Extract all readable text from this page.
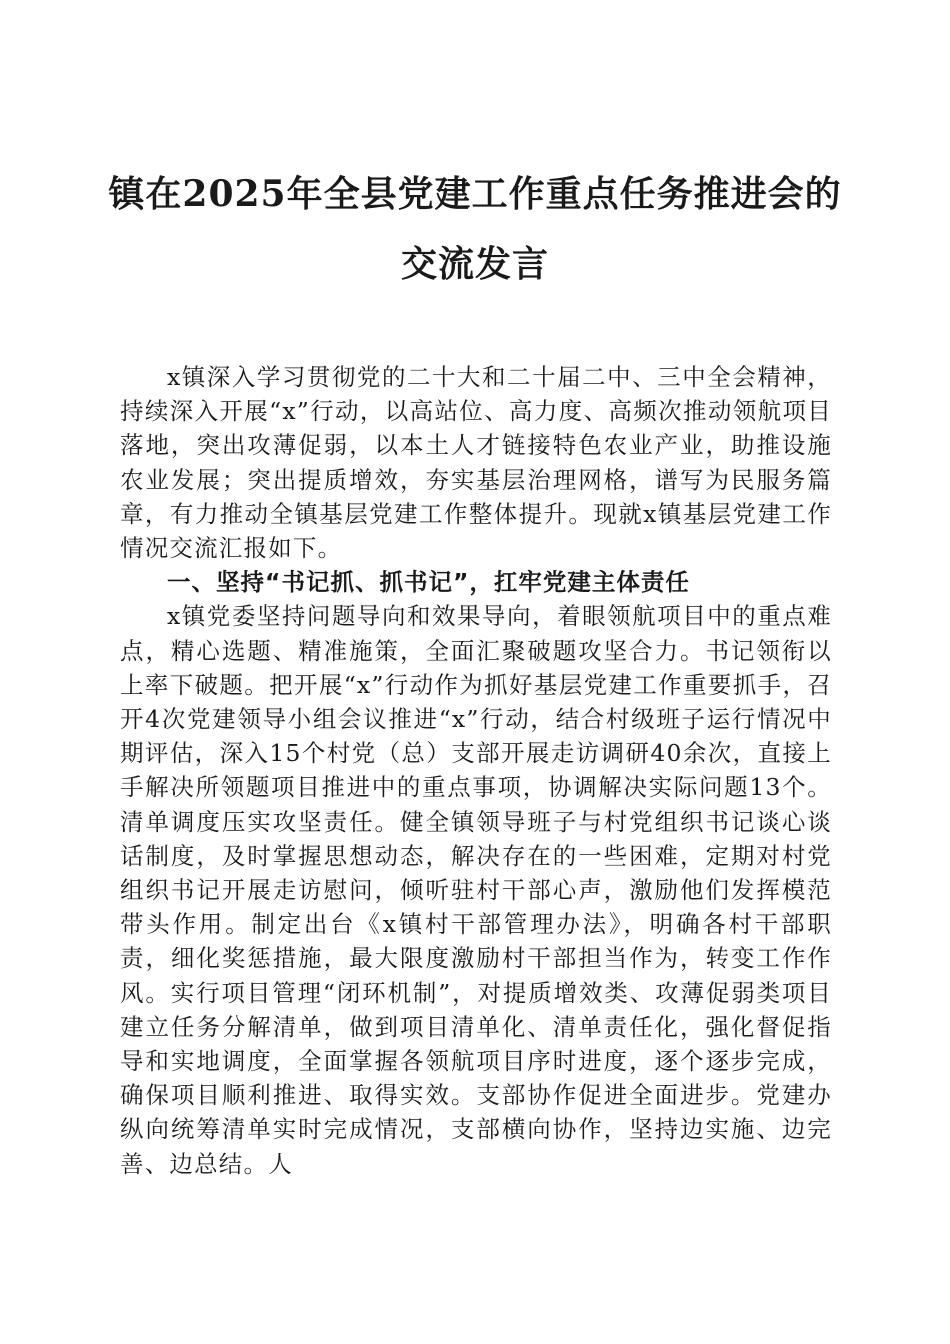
镇在2025年全县党建工作重点任务推进会的
交流发言

x镇深入学习贯彻党的二十大和二十届二中、三中全会精神，持续深入开展“x”行动，以高站位、高力度、高频次推动领航项目落地，突出攻薄促弱，以本土人才链接特色农业产业，助推设施农业发展；突出提质增效，夯实基层治理网格，谱写为民服务篇章，有力推动全镇基层党建工作整体提升。现就x镇基层党建工作情况交流汇报如下。

一、坚持“书记抓、抓书记”，扛牢党建主体责任

x镇党委坚持问题导向和效果导向，着眼领航项目中的重点难点，精心选题、精准施策，全面汇聚破题攻坚合力。书记领衔以上率下破题。把开展“x”行动作为抓好基层党建工作重要抓手，召开4次党建领导小组会议推进“x”行动，结合村级班子运行情况中期评估，深入15个村党（总）支部开展走访调研40余次，直接上手解决所领题项目推进中的重点事项，协调解决实际问题13个。清单调度压实攻坚责任。健全镇领导班子与村党组织书记谈心谈话制度，及时掌握思想动态，解决存在的一些困难，定期对村党组织书记开展走访慰问，倾听驻村干部心声，激励他们发挥模范带头作用。制定出台《x镇村干部管理办法》，明确各村干部职责，细化奖惩措施，最大限度激励村干部担当作为，转变工作作风。实行项目管理“闭环机制”，对提质增效类、攻薄促弱类项目建立任务分解清单，做到项目清单化、清单责任化，强化督促指导和实地调度，全面掌握各领航项目序时进度，逐个逐步完成，确保项目顺利推进、取得实效。支部协作促进全面进步。党建办纵向统筹清单实时完成情况，支部横向协作，坚持边实施、边完善、边总结。人
